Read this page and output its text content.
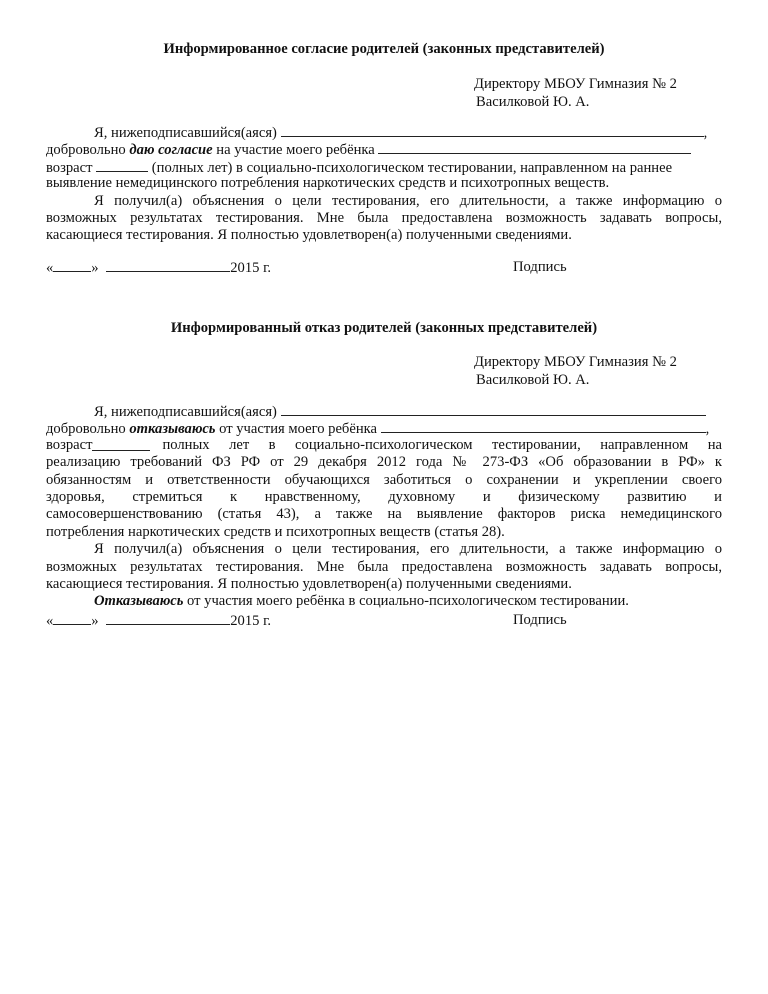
Информированное согласие родителей (законных представителей)
Директору МБОУ Гимназия № 2
Василковой Ю. А.
Я, нижеподписавшийся(аяся)	,
добровольно даю согласие на участие моего ребёнка
возраст	(полных лет) в социально-психологическом тестировании, направленном на раннее
выявление немедицинского потребления наркотических средств и психотропных веществ.
Я получил(а) объяснения о цели тестирования, его длительности, а также информацию о
возможных результатах тестирования. Мне была предоставлена возможность задавать вопросы,
касающиеся тестирования. Я полностью удовлетворен(а) полученными сведениями.
«	»	2015 г.	Подпись
Информированный отказ родителей (законных представителей)
Директору МБОУ Гимназия № 2
Василковой Ю. А.
Я, нижеподписавшийся(аяся)
добровольно отказываюсь от участия моего ребёнка	,
возраст	полных лет в социально-психологическом тестировании, направленном на
реализацию требований ФЗ РФ от 29 декабря 2012 года № 273-ФЗ «Об образовании в РФ» к
обязанностям и ответственности обучающихся заботиться о сохранении и укреплении своего
здоровья, стремиться к нравственному, духовному и физическому развитию и
самосовершенствованию (статья 43), а также на выявление факторов риска немедицинского
потребления наркотических средств и психотропных веществ (статья 28).
Я получил(а) объяснения о цели тестирования, его длительности, а также информацию о
возможных результатах тестирования. Мне была предоставлена возможность задавать вопросы,
касающиеся тестирования. Я полностью удовлетворен(а) полученными сведениями.
Отказываюсь от участия моего ребёнка в социально-психологическом тестировании.
«	»	2015 г.	Подпись
